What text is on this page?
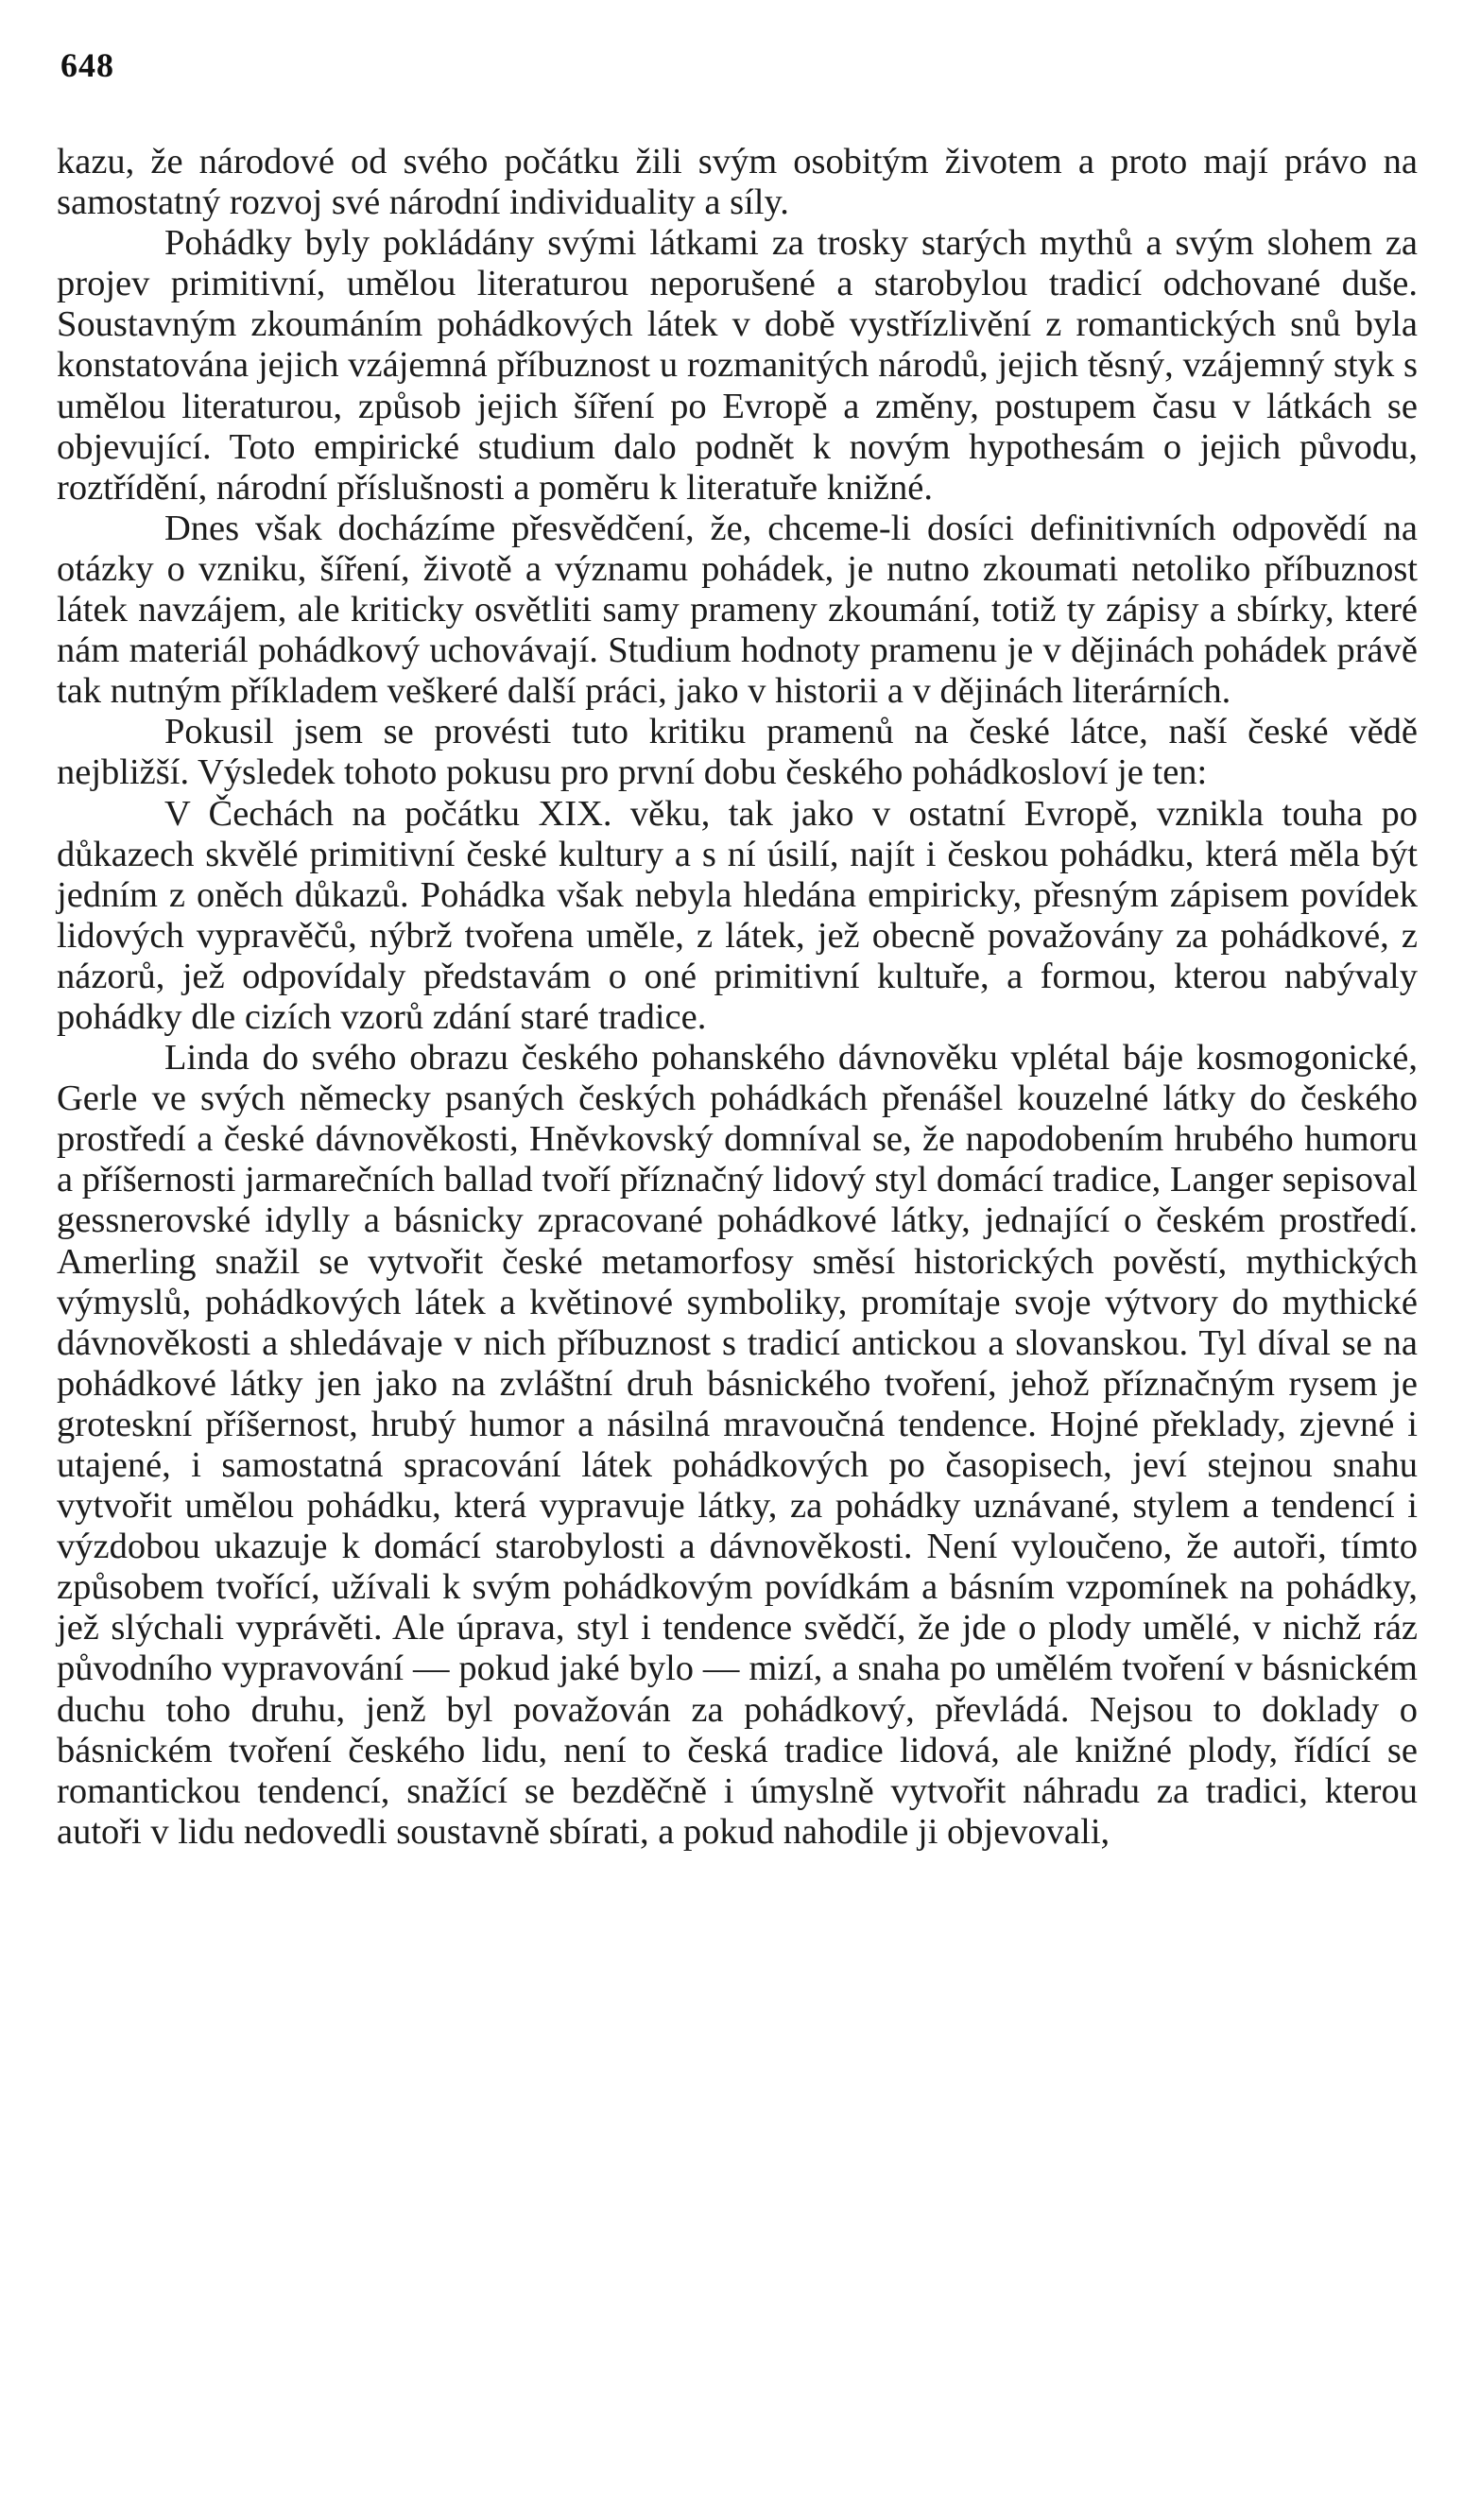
648

kazu, že národové od svého počátku žili svým osobitým životem a proto mají právo na samostatný rozvoj své národní individuality a síly.

Pohádky byly pokládány svými látkami za trosky starých mythů a svým slohem za projev primitivní, umělou literaturou neporušené a starobylou tradicí odchované duše. Soustavným zkoumáním pohádkových látek v době vystřízlivění z romantických snů byla konstatována jejich vzájemná příbuznost u rozmanitých národů, jejich těsný, vzájemný styk s umělou literaturou, způsob jejich šíření po Evropě a změny, postupem času v látkách se objevující. Toto empirické studium dalo podnět k novým hypothesám o jejich původu, roztřídění, národní příslušnosti a poměru k literatuře knižné.

Dnes však docházíme přesvědčení, že, chceme-li dosíci definitivních odpovědí na otázky o vzniku, šíření, životě a významu pohádek, je nutno zkoumati netoliko příbuznost látek navzájem, ale kriticky osvětliti samy prameny zkoumání, totiž ty zápisy a sbírky, které nám materiál pohádkový uchovávají. Studium hodnoty pramenu je v dějinách pohádek právě tak nutným příkladem veškeré další práci, jako v historii a v dějinách literárních.

Pokusil jsem se provésti tuto kritiku pramenů na české látce, naší české vědě nejbližší. Výsledek tohoto pokusu pro první dobu českého pohádkosloví je ten:

V Čechách na počátku XIX. věku, tak jako v ostatní Evropě, vznikla touha po důkazech skvělé primitivní české kultury a s ní úsilí, najít i českou pohádku, která měla být jedním z oněch důkazů. Pohádka však nebyla hledána empiricky, přesným zápisem povídek lidových vypravěčů, nýbrž tvořena uměle, z látek, jež obecně považovány za pohádkové, z názorů, jež odpovídaly představám o oné primitivní kultuře, a formou, kterou nabývaly pohádky dle cizích vzorů zdání staré tradice.

Linda do svého obrazu českého pohanského dávnověku vplétal báje kosmogonické, Gerle ve svých německy psaných českých pohádkách přenášel kouzelné látky do českého prostředí a české dávnověkosti, Hněvkovský domníval se, že napodobením hrubého humoru a příšernosti jarmarečních ballad tvoří příznačný lidový styl domácí tradice, Langer sepisoval gessnerovské idylly a básnicky zpracované pohádkové látky, jednající o českém prostředí. Amerling snažil se vytvořit české metamorfosy směsí historických pověstí, mythických výmyslů, pohádkových látek a květinové symboliky, promítaje svoje výtvory do mythické dávnověkosti a shledávaje v nich příbuznost s tradicí antickou a slovanskou. Tyl díval se na pohádkové látky jen jako na zvláštní druh básnického tvoření, jehož příznačným rysem je groteskní příšernost, hrubý humor a násilná mravoučná tendence. Hojné překlady, zjevné i utajené, i samostatná spracování látek pohádkových po časopisech, jeví stejnou snahu vytvořit umělou pohádku, která vypravuje látky, za pohádky uznávané, stylem a tendencí i výzdobou ukazuje k domácí starobylosti a dávnověkosti. Není vyloučeno, že autoři, tímto způsobem tvořící, užívali k svým pohádkovým povídkám a básním vzpomínek na pohádky, jež slýchali vyprávěti. Ale úprava, styl i tendence svědčí, že jde o plody umělé, v nichž ráz původního vypravování — pokud jaké bylo — mizí, a snaha po umělém tvoření v básnickém duchu toho druhu, jenž byl považován za pohádkový, převládá. Nejsou to doklady o básnickém tvoření českého lidu, není to česká tradice lidová, ale knižné plody, řídící se romantickou tendencí, snažící se bezděčně i úmyslně vytvořit náhradu za tradici, kterou autoři v lidu nedovedli soustavně sbírati, a pokud nahodile ji objevovali,
